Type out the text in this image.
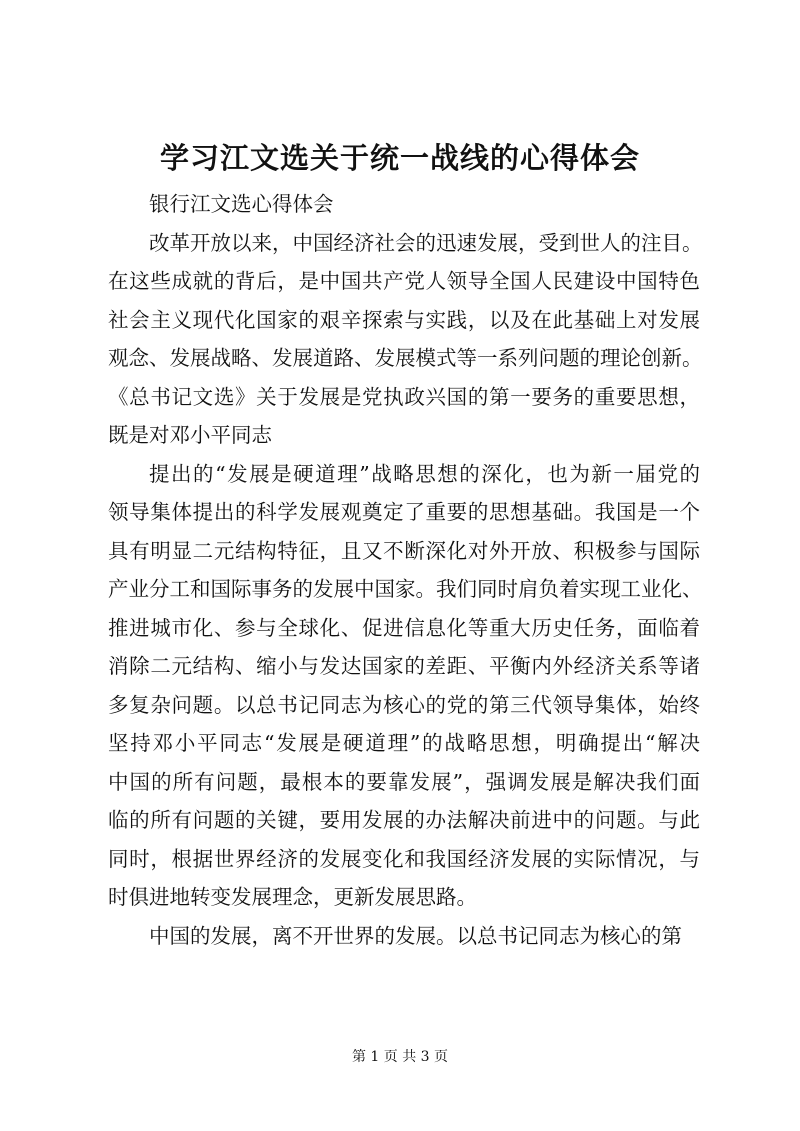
学习江文选关于统一战线的心得体会

银行江文选心得体会

改革开放以来，中国经济社会的迅速发展，受到世人的注目。
在这些成就的背后，是中国共产党人领导全国人民建设中国特色
社会主义现代化国家的艰辛探索与实践，以及在此基础上对发展
观念、发展战略、发展道路、发展模式等一系列问题的理论创新。
《总书记文选》关于发展是党执政兴国的第一要务的重要思想，
既是对邓小平同志

提出的“发展是硬道理”战略思想的深化，也为新一届党的
领导集体提出的科学发展观奠定了重要的思想基础。我国是一个
具有明显二元结构特征，且又不断深化对外开放、积极参与国际
产业分工和国际事务的发展中国家。我们同时肩负着实现工业化、
推进城市化、参与全球化、促进信息化等重大历史任务，面临着
消除二元结构、缩小与发达国家的差距、平衡内外经济关系等诸
多复杂问题。以总书记同志为核心的党的第三代领导集体，始终
坚持邓小平同志“发展是硬道理”的战略思想，明确提出“解决
中国的所有问题，最根本的要靠发展”，强调发展是解决我们面
临的所有问题的关键，要用发展的办法解决前进中的问题。与此
同时，根据世界经济的发展变化和我国经济发展的实际情况，与
时俱进地转变发展理念，更新发展思路。

中国的发展，离不开世界的发展。以总书记同志为核心的第

第 1 页 共 3 页
